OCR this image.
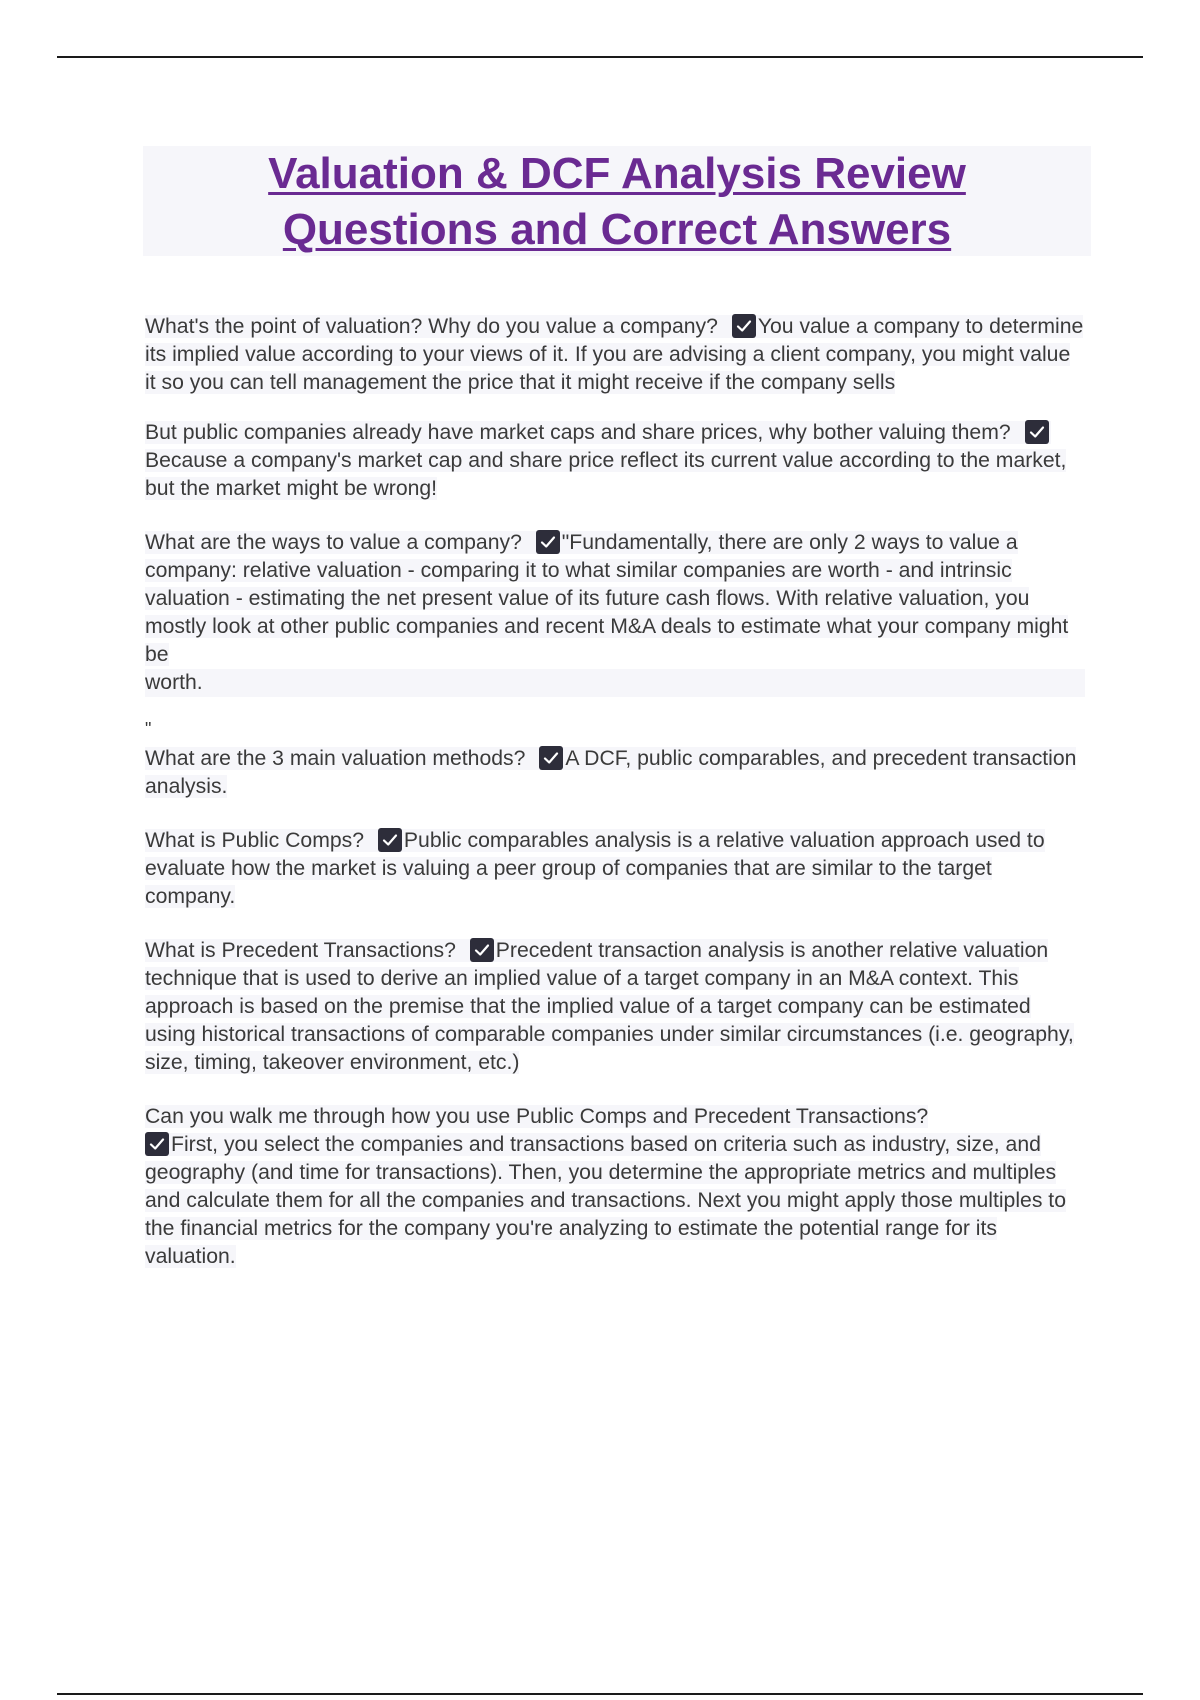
Valuation & DCF Analysis Review
Questions and Correct Answers

What's the point of valuation? Why do you value a company? You value a company to determine its implied value according to your views of it. If you are advising a client company, you might value it so you can tell management the price that it might receive if the company sells

But public companies already have market caps and share prices, why bother valuing them?
Because a company's market cap and share price reflect its current value according to the market, but the market might be wrong!

What are the ways to value a company? "Fundamentally, there are only 2 ways to value a company: relative valuation - comparing it to what similar companies are worth - and intrinsic valuation - estimating the net present value of its future cash flows. With relative valuation, you mostly look at other public companies and recent M&A deals to estimate what your company might be
worth.

"

What are the 3 main valuation methods? A DCF, public comparables, and precedent transaction analysis.

What is Public Comps? Public comparables analysis is a relative valuation approach used to evaluate how the market is valuing a peer group of companies that are similar to the target company.

What is Precedent Transactions? Precedent transaction analysis is another relative valuation technique that is used to derive an implied value of a target company in an M&A context. This approach is based on the premise that the implied value of a target company can be estimated using historical transactions of comparable companies under similar circumstances (i.e. geography, size, timing, takeover environment, etc.)

Can you walk me through how you use Public Comps and Precedent Transactions?
First, you select the companies and transactions based on criteria such as industry, size, and geography (and time for transactions). Then, you determine the appropriate metrics and multiples and calculate them for all the companies and transactions. Next you might apply those multiples to the financial metrics for the company you're analyzing to estimate the potential range for its valuation.
